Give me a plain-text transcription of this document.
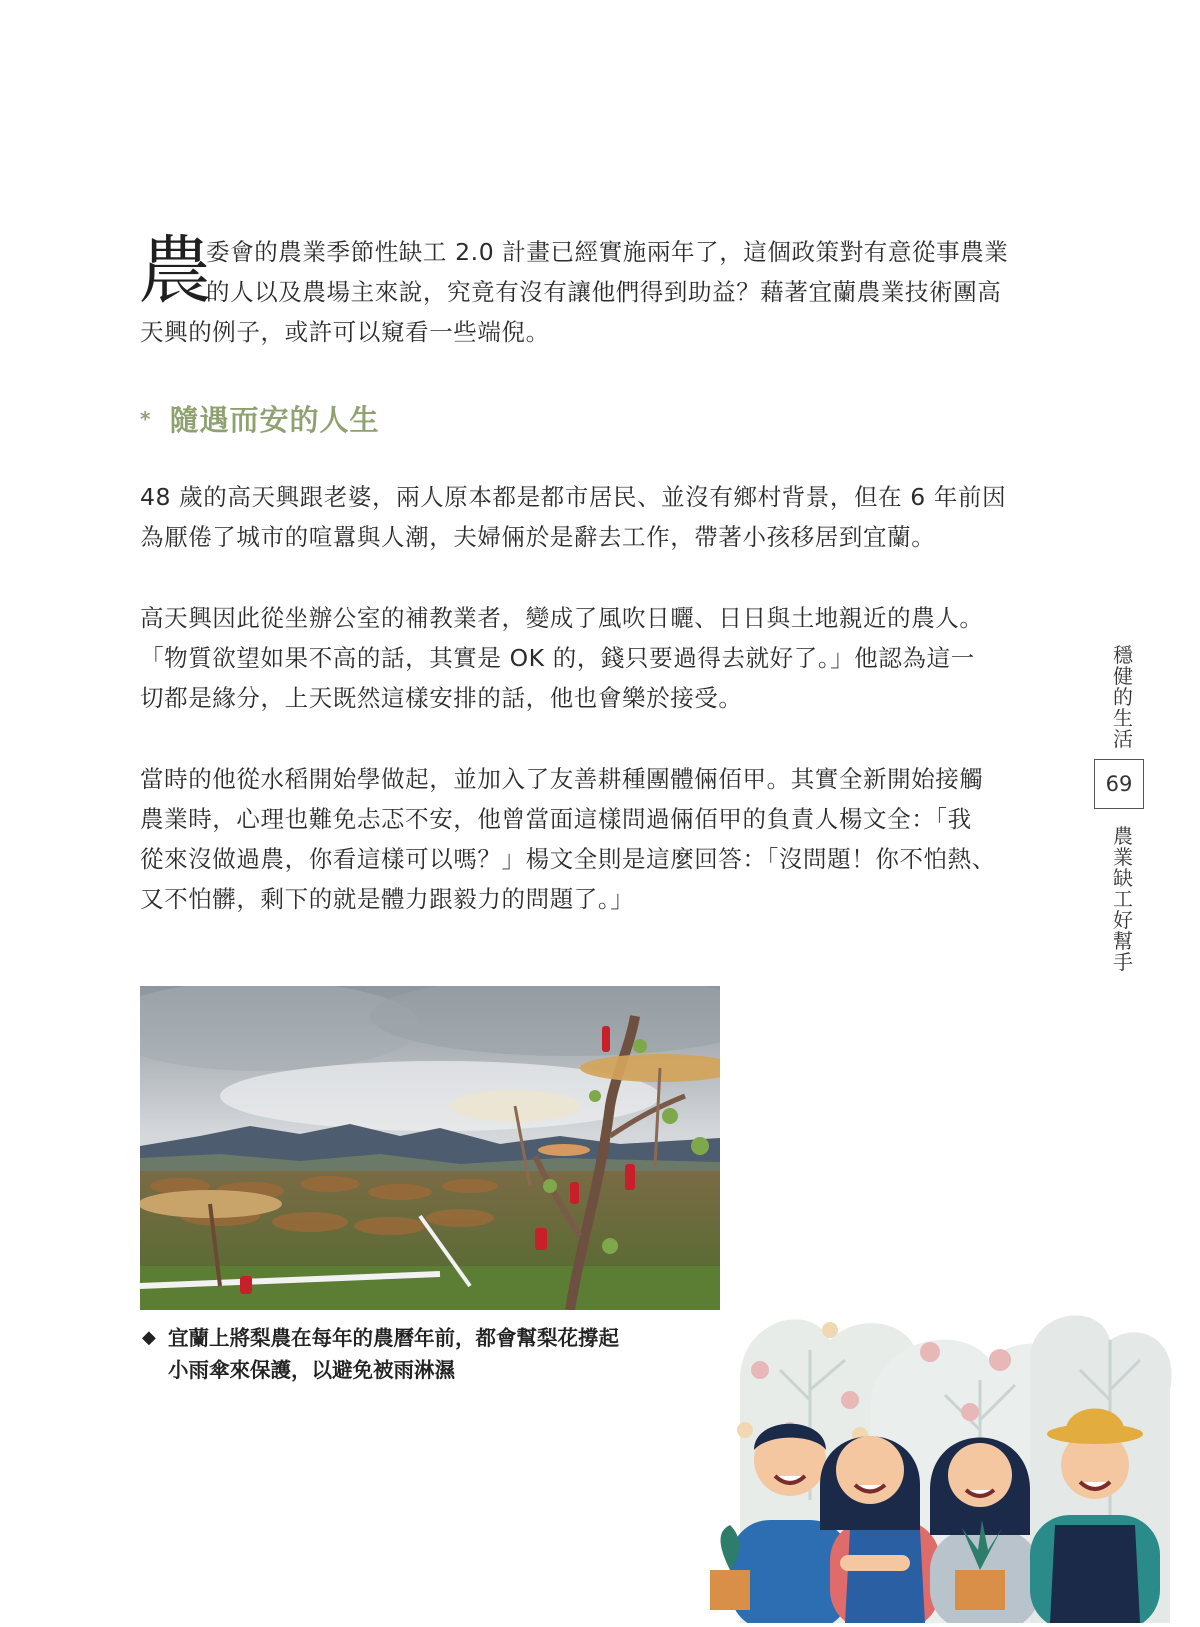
農
委會的農業季節性缺工 2.0 計畫已經實施兩年了，這個政策對有意從事農業
的人以及農場主來說，究竟有沒有讓他們得到助益？藉著宜蘭農業技術團高
天興的例子，或許可以窺看一些端倪。
* 隨遇而安的人生
48 歲的高天興跟老婆，兩人原本都是都市居民、並沒有鄉村背景，但在 6 年前因
為厭倦了城市的喧囂與人潮，夫婦倆於是辭去工作，帶著小孩移居到宜蘭。
高天興因此從坐辦公室的補教業者，變成了風吹日曬、日日與土地親近的農人。
「物質欲望如果不高的話，其實是 OK 的，錢只要過得去就好了。」他認為這一
切都是緣分，上天既然這樣安排的話，他也會樂於接受。
當時的他從水稻開始學做起，並加入了友善耕種團體倆佰甲。其實全新開始接觸
農業時，心理也難免忐忑不安，他曾當面這樣問過倆佰甲的負責人楊文全：「我
從來沒做過農，你看這樣可以嗎？」楊文全則是這麼回答：「沒問題！你不怕熱、
又不怕髒，剩下的就是體力跟毅力的問題了。」
穩
健
的
生
活
69
農
業
缺
工
好
幫
手
◆ 宜蘭上將梨農在每年的農曆年前，都會幫梨花撐起
小雨傘來保護，以避免被雨淋濕
